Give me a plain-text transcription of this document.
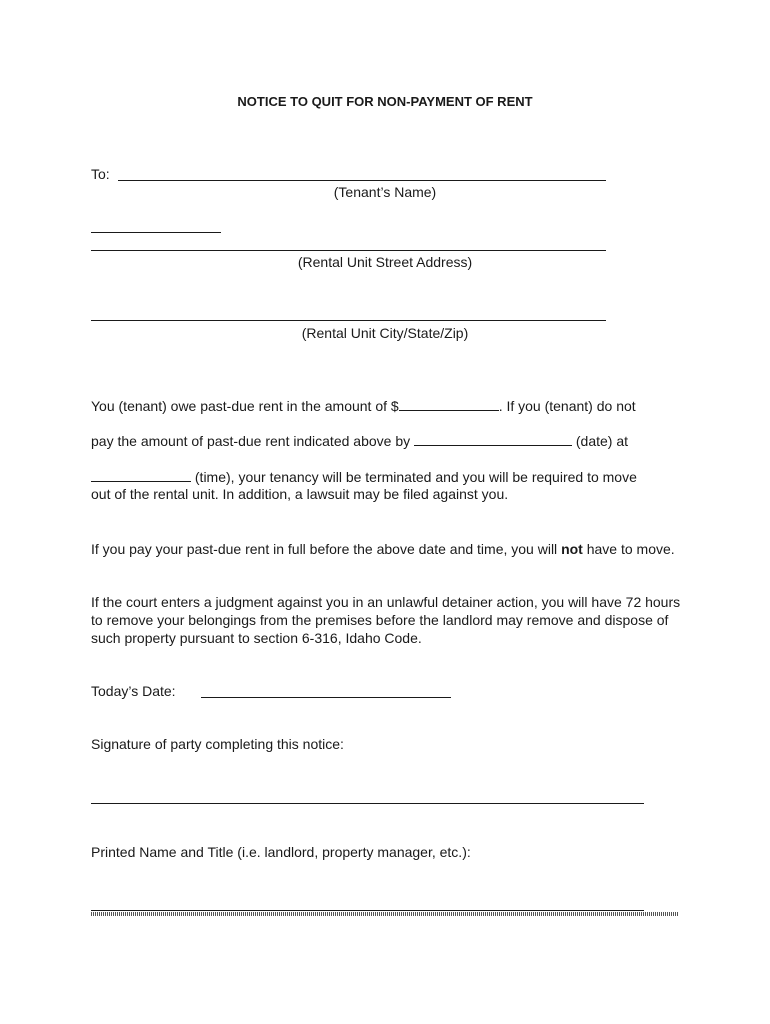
NOTICE TO QUIT FOR NON-PAYMENT OF RENT
To:
(Tenant’s Name)
(Rental Unit Street Address)
(Rental Unit City/State/Zip)
You (tenant) owe past-due rent in the amount of $	. If you (tenant) do not
pay the amount of past-due rent indicated above by	(date) at
(time), your tenancy will be terminated and you will be required to move
out of the rental unit. In addition, a lawsuit may be filed against you.
If you pay your past-due rent in full before the above date and time, you will not have to move.
If the court enters a judgment against you in an unlawful detainer action, you will have 72 hours to remove your belongings from the premises before the landlord may remove and dispose of such property pursuant to section 6-316, Idaho Code.
Today’s Date:
Signature of party completing this notice:
Printed Name and Title (i.e. landlord, property manager, etc.):
